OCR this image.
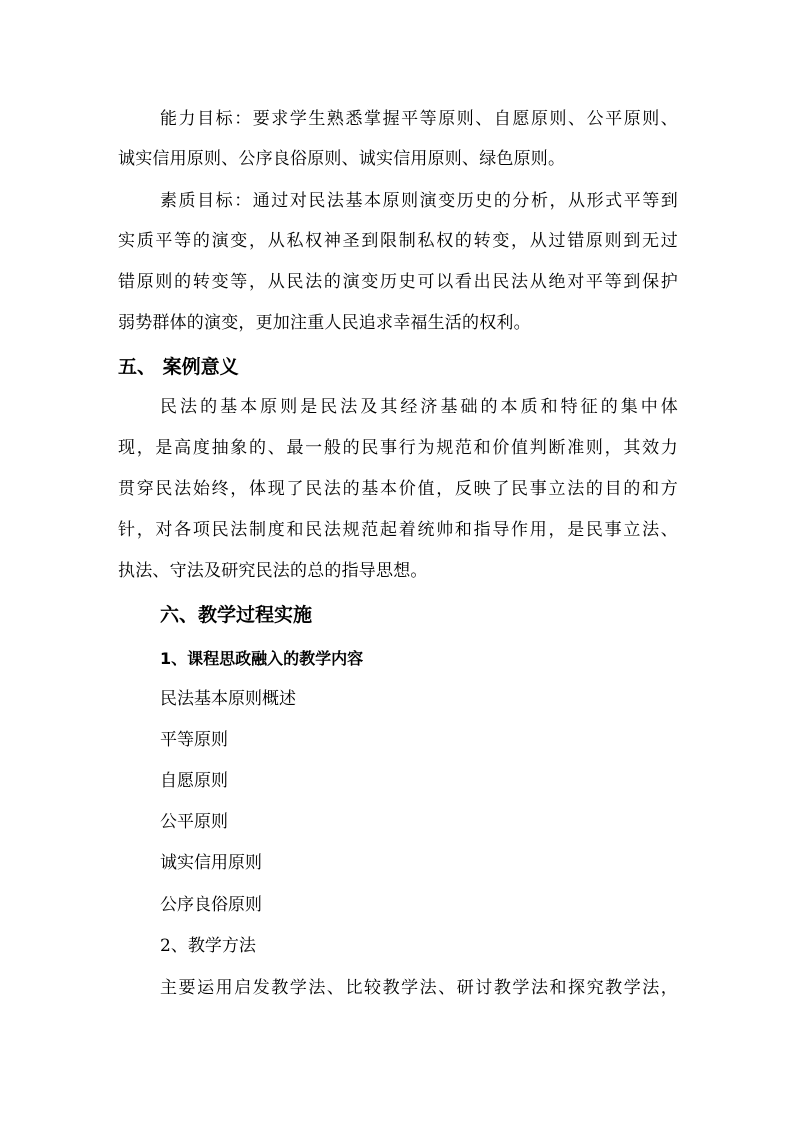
能力目标：要求学生熟悉掌握平等原则、自愿原则、公平原则、
诚实信用原则、公序良俗原则、诚实信用原则、绿色原则。
素质目标：通过对民法基本原则演变历史的分析，从形式平等到
实质平等的演变，从私权神圣到限制私权的转变，从过错原则到无过
错原则的转变等，从民法的演变历史可以看出民法从绝对平等到保护
弱势群体的演变，更加注重人民追求幸福生活的权利。
五、 案例意义
民法的基本原则是民法及其经济基础的本质和特征的集中体
现，是高度抽象的、最一般的民事行为规范和价值判断准则，其效力
贯穿民法始终，体现了民法的基本价值，反映了民事立法的目的和方
针，对各项民法制度和民法规范起着统帅和指导作用，是民事立法、
执法、守法及研究民法的总的指导思想。
六、教学过程实施
1、课程思政融入的教学内容
民法基本原则概述
平等原则
自愿原则
公平原则
诚实信用原则
公序良俗原则
2、教学方法
主要运用启发教学法、比较教学法、研讨教学法和探究教学法，
